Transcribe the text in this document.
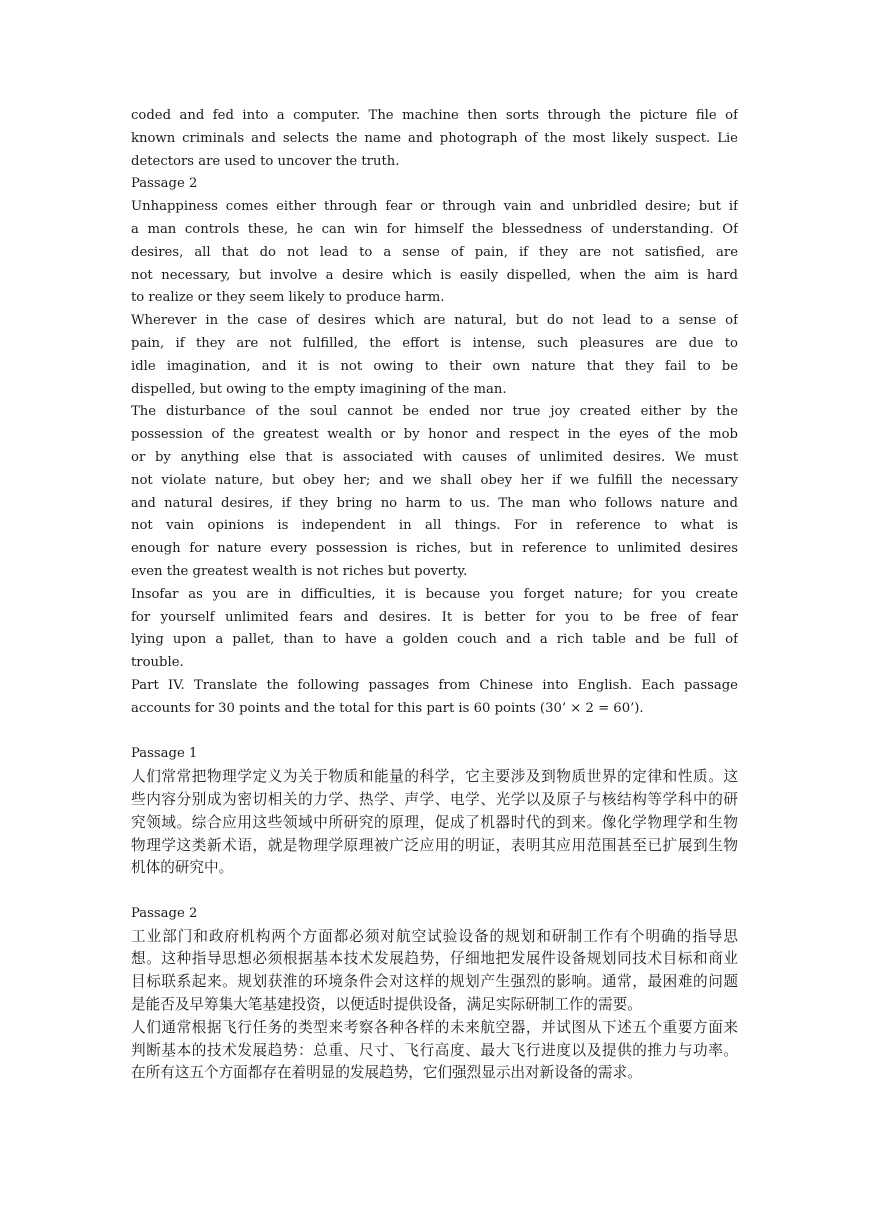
coded and fed into a computer. The machine then sorts through the picture file of
known criminals and selects the name and photograph of the most likely suspect. Lie
detectors are used to uncover the truth.
Passage 2
Unhappiness comes either through fear or through vain and unbridled desire; but if
a man controls these, he can win for himself the blessedness of understanding. Of
desires, all that do not lead to a sense of pain, if they are not satisfied, are
not necessary, but involve a desire which is easily dispelled, when the aim is hard
to realize or they seem likely to produce harm.
Wherever in the case of desires which are natural, but do not lead to a sense of
pain, if they are not fulfilled, the effort is intense, such pleasures are due to
idle imagination, and it is not owing to their own nature that they fail to be
dispelled, but owing to the empty imagining of the man.
The disturbance of the soul cannot be ended nor true joy created either by the
possession of the greatest wealth or by honor and respect in the eyes of the mob
or by anything else that is associated with causes of unlimited desires. We must
not violate nature, but obey her; and we shall obey her if we fulfill the necessary
and natural desires, if they bring no harm to us. The man who follows nature and
not vain opinions is independent in all things. For in reference to what is
enough for nature every possession is riches, but in reference to unlimited desires
even the greatest wealth is not riches but poverty.
Insofar as you are in difficulties, it is because you forget nature; for you create
for yourself unlimited fears and desires. It is better for you to be free of fear
lying upon a pallet, than to have a golden couch and a rich table and be full of
trouble.
Part IV. Translate the following passages from Chinese into English. Each passage
accounts for 30 points and the total for this part is 60 points (30’ × 2 = 60’).
Passage 1
人们常常把物理学定义为关于物质和能量的科学，它主要涉及到物质世界的定律和性质。这
些内容分别成为密切相关的力学、热学、声学、电学、光学以及原子与核结构等学科中的研
究领域。综合应用这些领域中所研究的原理，促成了机器时代的到来。像化学物理学和生物
物理学这类新术语，就是物理学原理被广泛应用的明证，表明其应用范围甚至已扩展到生物
机体的研究中。
Passage 2
工业部门和政府机构两个方面都必须对航空试验设备的规划和研制工作有个明确的指导思
想。这种指导思想必须根据基本技术发展趋势，仔细地把发展件设备规划同技术目标和商业
目标联系起来。规划获淮的环境条件会对这样的规划产生强烈的影响。通常，最困难的问题
是能否及早筹集大笔基建投资，以便适时提供设备，满足实际研制工作的需要。
人们通常根据飞行任务的类型来考察各种各样的未来航空器，并试图从下述五个重要方面来
判断基本的技术发展趋势：总重、尺寸、飞行高度、最大飞行进度以及提供的推力与功率。
在所有这五个方面都存在着明显的发展趋势，它们强烈显示出对新设备的需求。
